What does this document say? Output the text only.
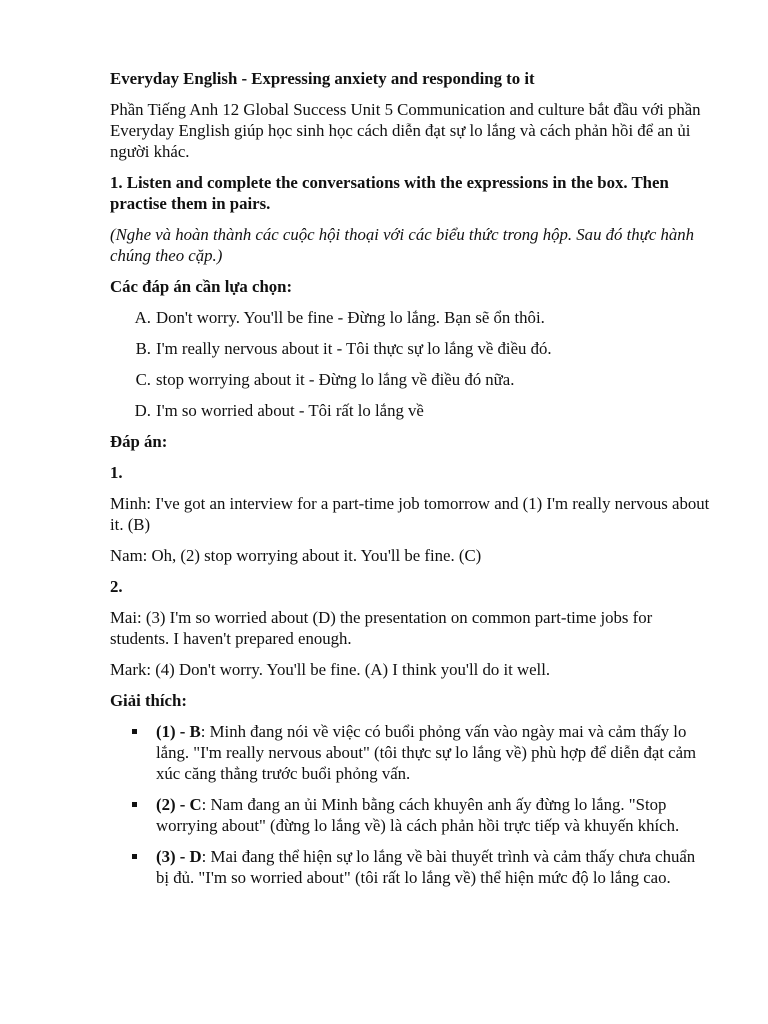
Everyday English - Expressing anxiety and responding to it

Phần Tiếng Anh 12 Global Success Unit 5 Communication and culture bắt đầu với phần Everyday English giúp học sinh học cách diễn đạt sự lo lắng và cách phản hồi để an ủi người khác.

1. Listen and complete the conversations with the expressions in the box. Then practise them in pairs.

(Nghe và hoàn thành các cuộc hội thoại với các biểu thức trong hộp. Sau đó thực hành chúng theo cặp.)

Các đáp án cần lựa chọn:

A. Don't worry. You'll be fine - Đừng lo lắng. Bạn sẽ ổn thôi.
B. I'm really nervous about it - Tôi thực sự lo lắng về điều đó.
C. stop worrying about it - Đừng lo lắng về điều đó nữa.
D. I'm so worried about - Tôi rất lo lắng về

Đáp án:

1.

Minh: I've got an interview for a part-time job tomorrow and (1) I'm really nervous about it. (B)

Nam: Oh, (2) stop worrying about it. You'll be fine. (C)

2.

Mai: (3) I'm so worried about (D) the presentation on common part-time jobs for students. I haven't prepared enough.

Mark: (4) Don't worry. You'll be fine. (A) I think you'll do it well.

Giải thích:

(1) - B: Minh đang nói về việc có buổi phỏng vấn vào ngày mai và cảm thấy lo lắng. "I'm really nervous about" (tôi thực sự lo lắng về) phù hợp để diễn đạt cảm xúc căng thẳng trước buổi phỏng vấn.
(2) - C: Nam đang an ủi Minh bằng cách khuyên anh ấy đừng lo lắng. "Stop worrying about" (đừng lo lắng về) là cách phản hồi trực tiếp và khuyến khích.
(3) - D: Mai đang thể hiện sự lo lắng về bài thuyết trình và cảm thấy chưa chuẩn bị đủ. "I'm so worried about" (tôi rất lo lắng về) thể hiện mức độ lo lắng cao.
